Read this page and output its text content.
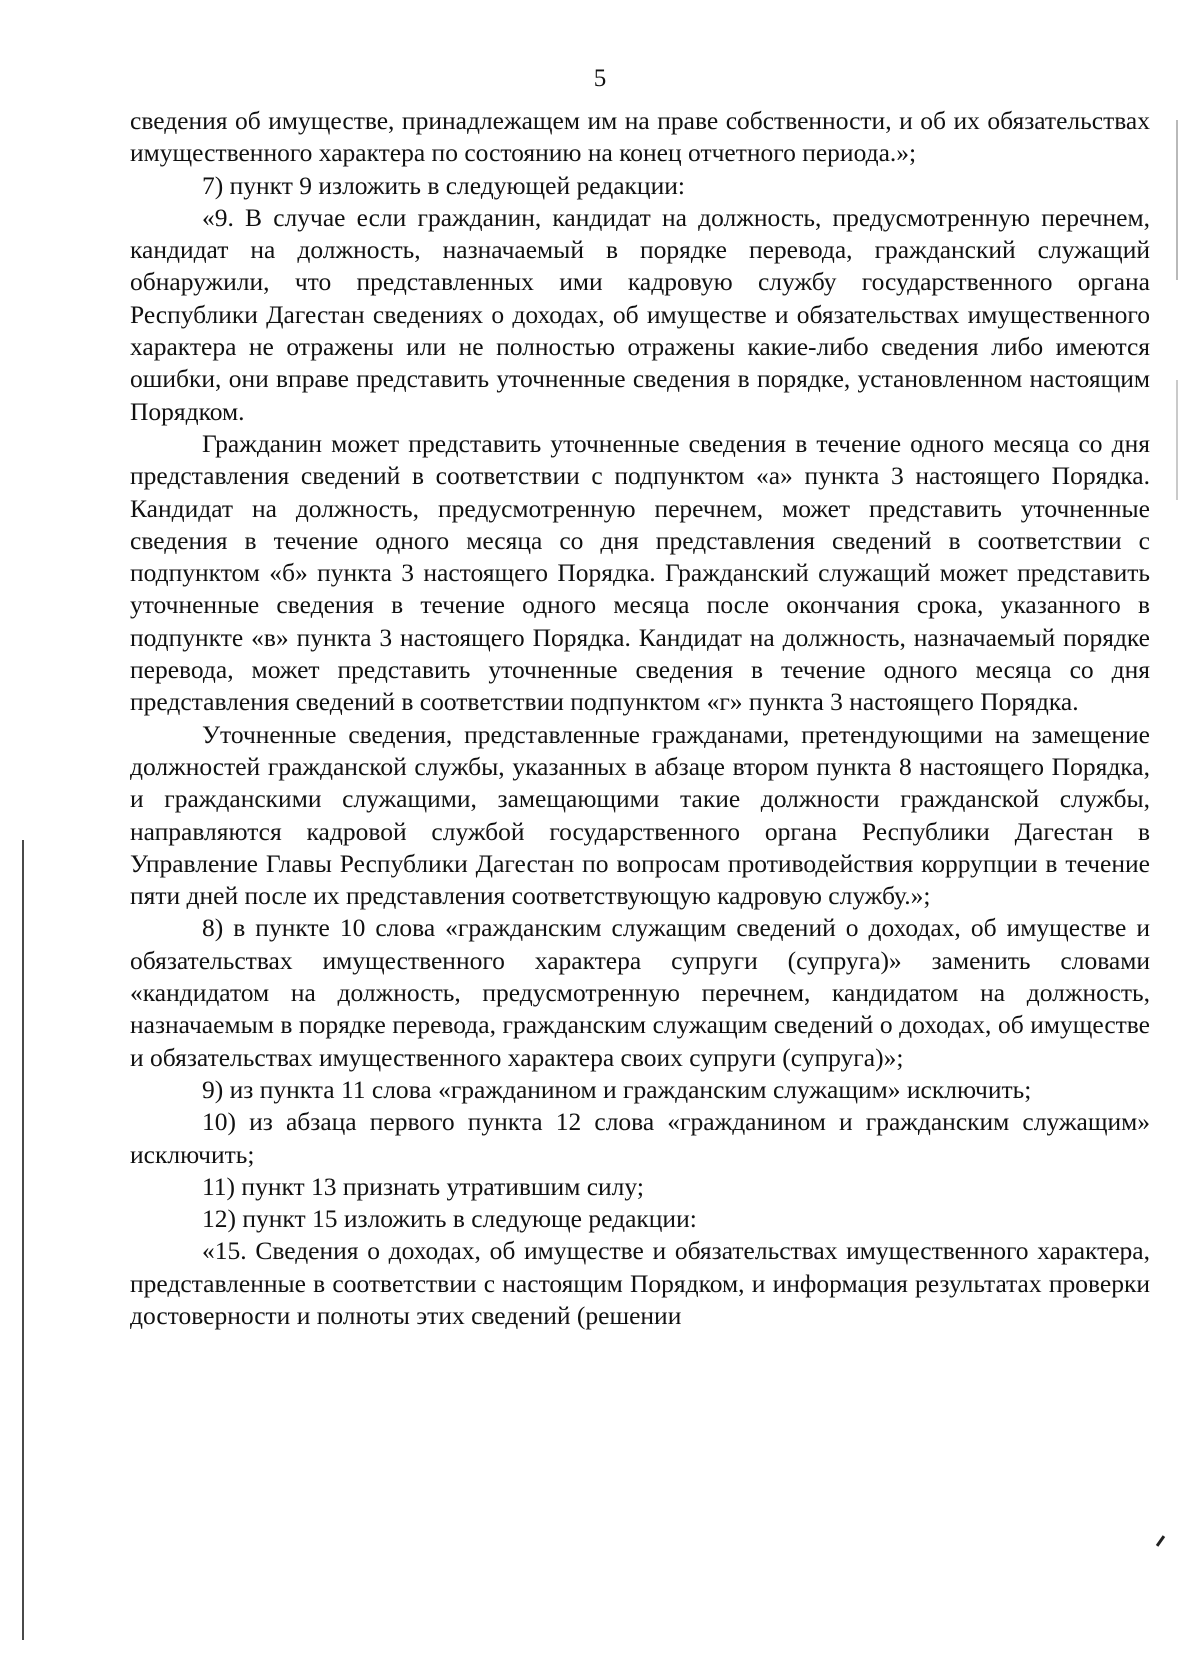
5

сведения об имуществе, принадлежащем им на праве собственности, и об их обязательствах имущественного характера по состоянию на конец отчетного периода.»;

7) пункт 9 изложить в следующей редакции:

«9. В случае если гражданин, кандидат на должность, предусмотренную перечнем, кандидат на должность, назначаемый в порядке перевода, гражданский служащий обнаружили, что представленных ими кадровую службу государственного органа Республики Дагестан сведениях о доходах, об имуществе и обязательствах имущественного характера не отражены или не полностью отражены какие-либо сведения либо имеются ошибки, они вправе представить уточненные сведения в порядке, установленном настоящим Порядком.

Гражданин может представить уточненные сведения в течение одного месяца со дня представления сведений в соответствии с подпунктом «а» пункта 3 настоящего Порядка. Кандидат на должность, предусмотренную перечнем, может представить уточненные сведения в течение одного месяца со дня представления сведений в соответствии с подпунктом «б» пункта 3 настоящего Порядка. Гражданский служащий может представить уточненные сведения в течение одного месяца после окончания срока, указанного в подпункте «в» пункта 3 настоящего Порядка. Кандидат на должность, назначаемый порядке перевода, может представить уточненные сведения в течение одного месяца со дня представления сведений в соответствии подпунктом «г» пункта 3 настоящего Порядка.

Уточненные сведения, представленные гражданами, претендующими на замещение должностей гражданской службы, указанных в абзаце втором пункта 8 настоящего Порядка, и гражданскими служащими, замещающими такие должности гражданской службы, направляются кадровой службой государственного органа Республики Дагестан в Управление Главы Республики Дагестан по вопросам противодействия коррупции в течение пяти дней после их представления соответствующую кадровую службу.»;

8) в пункте 10 слова «гражданским служащим сведений о доходах, об имуществе и обязательствах имущественного характера супруги (супруга)» заменить словами «кандидатом на должность, предусмотренную перечнем, кандидатом на должность, назначаемым в порядке перевода, гражданским служащим сведений о доходах, об имуществе и обязательствах имущественного характера своих супруги (супруга)»;

9) из пункта 11 слова «гражданином и гражданским служащим» исключить;

10) из абзаца первого пункта 12 слова «гражданином и гражданским служащим» исключить;

11) пункт 13 признать утратившим силу;

12) пункт 15 изложить в следующе редакции:

«15. Сведения о доходах, об имуществе и обязательствах имущественного характера, представленные в соответствии с настоящим Порядком, и информация результатах проверки достоверности и полноты этих сведений (решении
